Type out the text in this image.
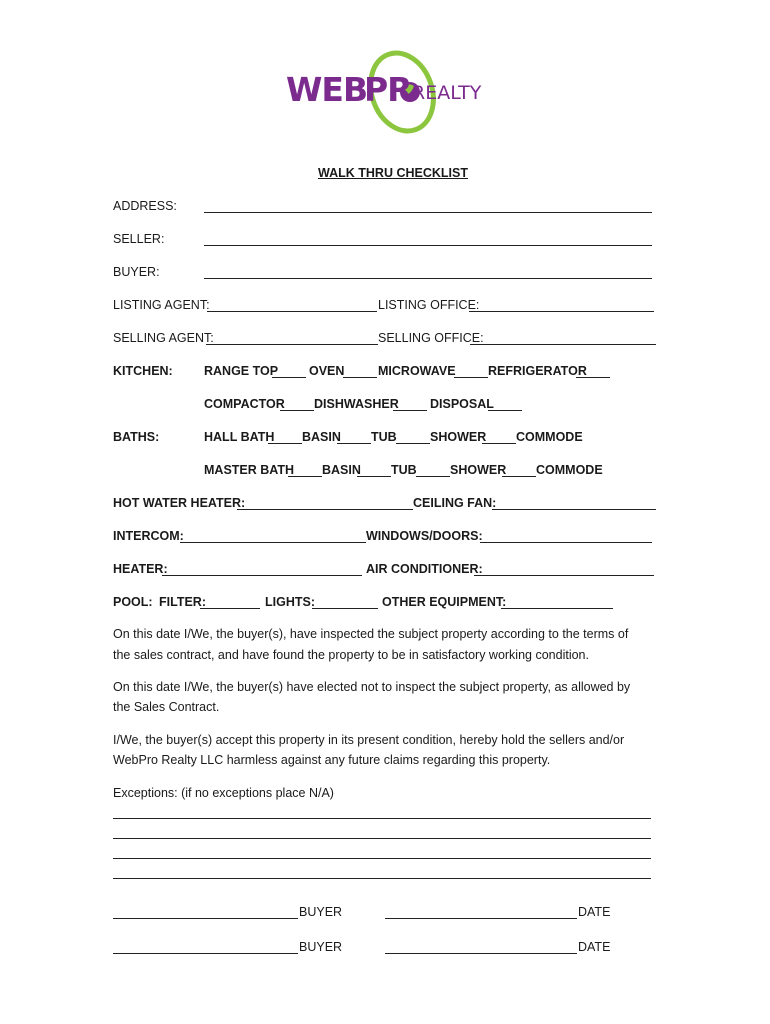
WEB
PR REALTY
WALK THRU CHECKLIST
ADDRESS:
SELLER:
BUYER:
LISTING AGENT:	LISTING OFFICE:
SELLING AGENT:	SELLING OFFICE:
KITCHEN:	RANGE TOP OVEN	MICROWAVE	REFRIGERATOR
COMPACTOR DISHWASHER	DISPOSAL
BATHS:	HALL BATH BASIN TUB	SHOWER COMMODE
MASTER BATH BASIN TUB	SHOWER COMMODE
HOT WATER HEATER:	CEILING FAN:
INTERCOM:	WINDOWS/DOORS:
HEATER:	AIR CONDITIONER:
POOL: FILTER:	LIGHTS:	OTHER EQUIPMENT:
On this date I/We, the buyer(s), have inspected the subject property according to the terms of
the sales contract, and have found the property to be in satisfactory working condition.
On this date I/We, the buyer(s) have elected not to inspect the subject property, as allowed by
the Sales Contract.
I/We, the buyer(s) accept this property in its present condition, hereby hold the sellers and/or
WebPro Realty LLC harmless against any future claims regarding this property.
Exceptions: (if no exceptions place N/A)
BUYER	DATE
BUYER	DATE
